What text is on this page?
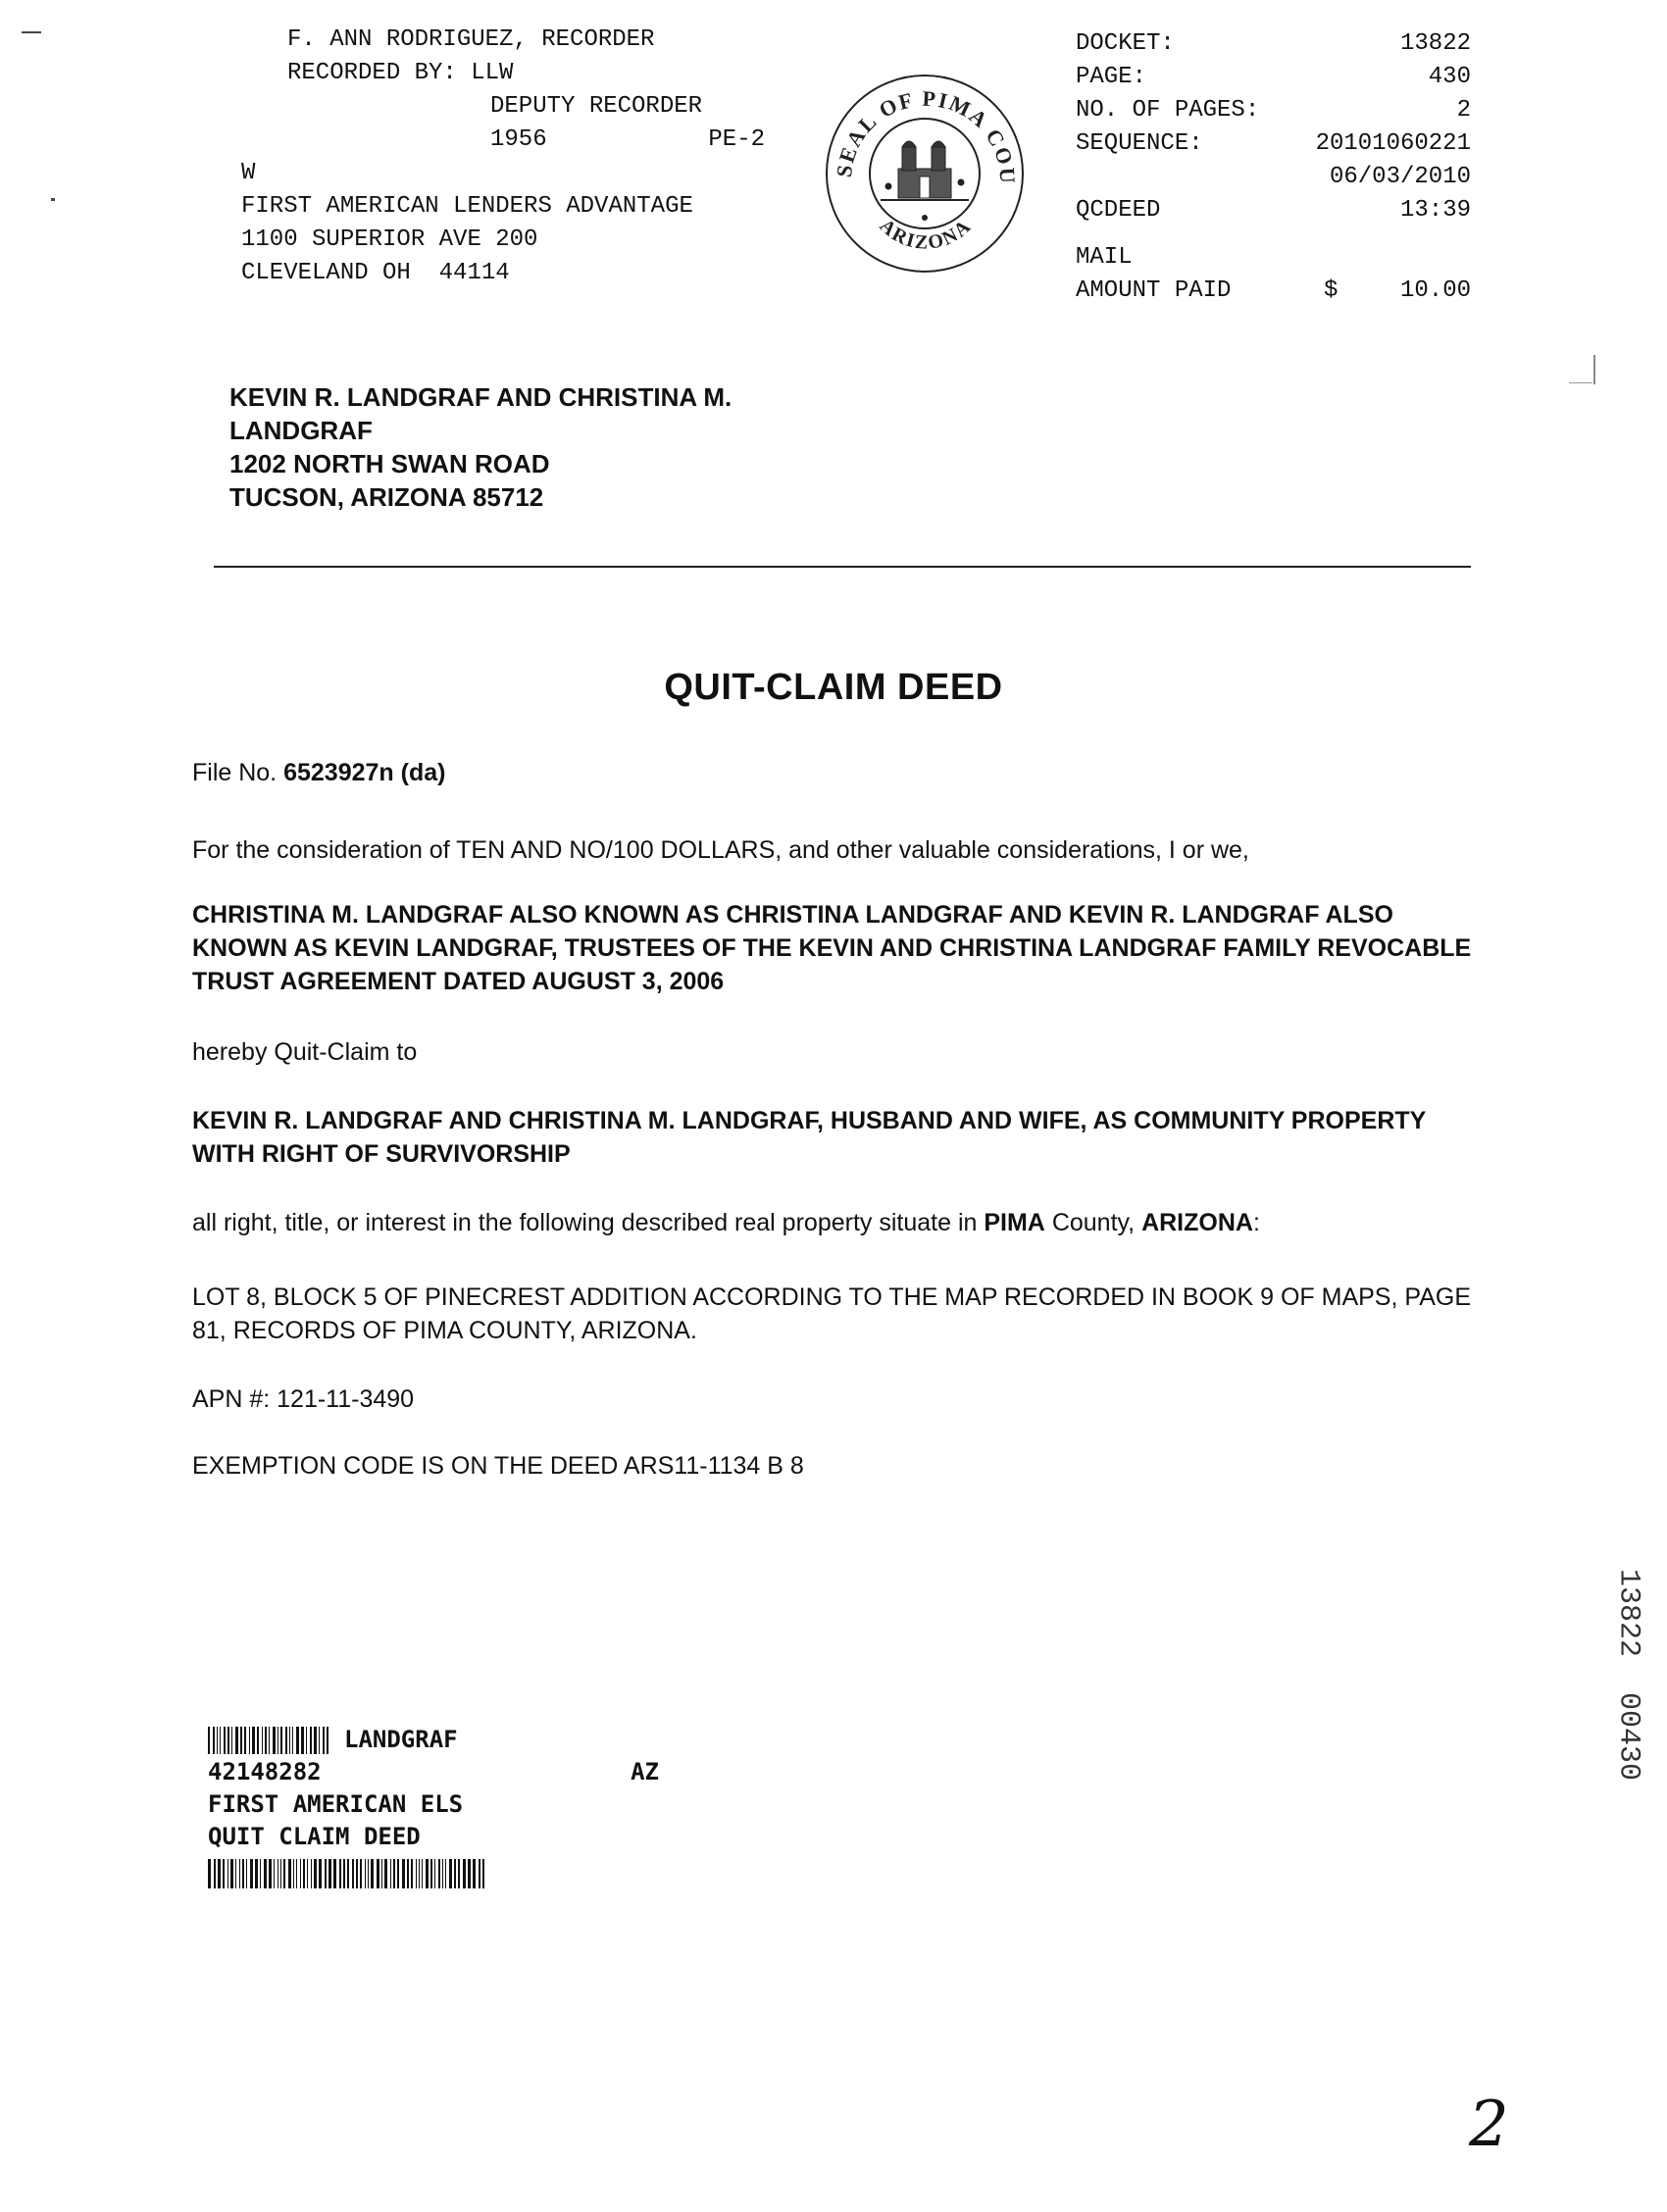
F. ANN RODRIGUEZ, RECORDER
RECORDED BY: LLW
DEPUTY RECORDER
1956	PE-2
W
FIRST AMERICAN LENDERS ADVANTAGE
1100 SUPERIOR AVE 200
CLEVELAND OH 44114
SEAL OF PIMA COU
ARIZONA
DOCKET:	13822
PAGE:	430
NO. OF PAGES:	2
SEQUENCE:	20101060221
06/03/2010
QCDEED	13:39
MAIL
AMOUNT PAID	$	10.00
KEVIN R. LANDGRAF AND CHRISTINA M.
LANDGRAF
1202 NORTH SWAN ROAD
TUCSON, ARIZONA 85712
QUIT-CLAIM DEED
File No. 6523927n (da)
For the consideration of TEN AND NO/100 DOLLARS, and other valuable considerations, I or we,
CHRISTINA M. LANDGRAF ALSO KNOWN AS CHRISTINA LANDGRAF AND KEVIN R. LANDGRAF ALSO KNOWN AS KEVIN LANDGRAF, TRUSTEES OF THE KEVIN AND CHRISTINA LANDGRAF FAMILY REVOCABLE TRUST AGREEMENT DATED AUGUST 3, 2006
hereby Quit-Claim to
KEVIN R. LANDGRAF AND CHRISTINA M. LANDGRAF, HUSBAND AND WIFE, AS COMMUNITY PROPERTY WITH RIGHT OF SURVIVORSHIP
all right, title, or interest in the following described real property situate in PIMA County, ARIZONA:
LOT 8, BLOCK 5 OF PINECREST ADDITION ACCORDING TO THE MAP RECORDED IN BOOK 9 OF MAPS, PAGE 81, RECORDS OF PIMA COUNTY, ARIZONA.
APN #: 121-11-3490
EXEMPTION CODE IS ON THE DEED ARS11-1134 B 8
LANDGRAF
42148282	AZ
FIRST AMERICAN ELS
QUIT CLAIM DEED
13822  00430
2
